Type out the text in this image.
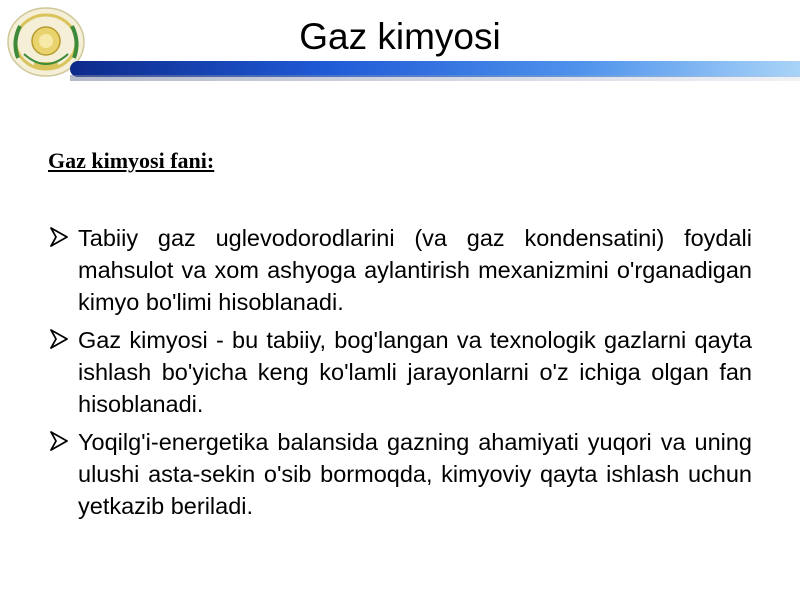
Gaz kimyosi
Gaz kimyosi fani:
Tabiiy gaz uglevodorodlarini (va gaz kondensatini) foydali mahsulot va xom ashyoga aylantirish mexanizmini o'rganadigan kimyo bo'limi hisoblanadi.
Gaz kimyosi - bu tabiiy, bog'langan va texnologik gazlarni qayta ishlash bo'yicha keng ko'lamli jarayonlarni o'z ichiga olgan fan hisoblanadi.
Yoqilg'i-energetika balansida gazning ahamiyati yuqori va uning ulushi asta-sekin o'sib bormoqda, kimyoviy qayta ishlash uchun yetkazib beriladi.
